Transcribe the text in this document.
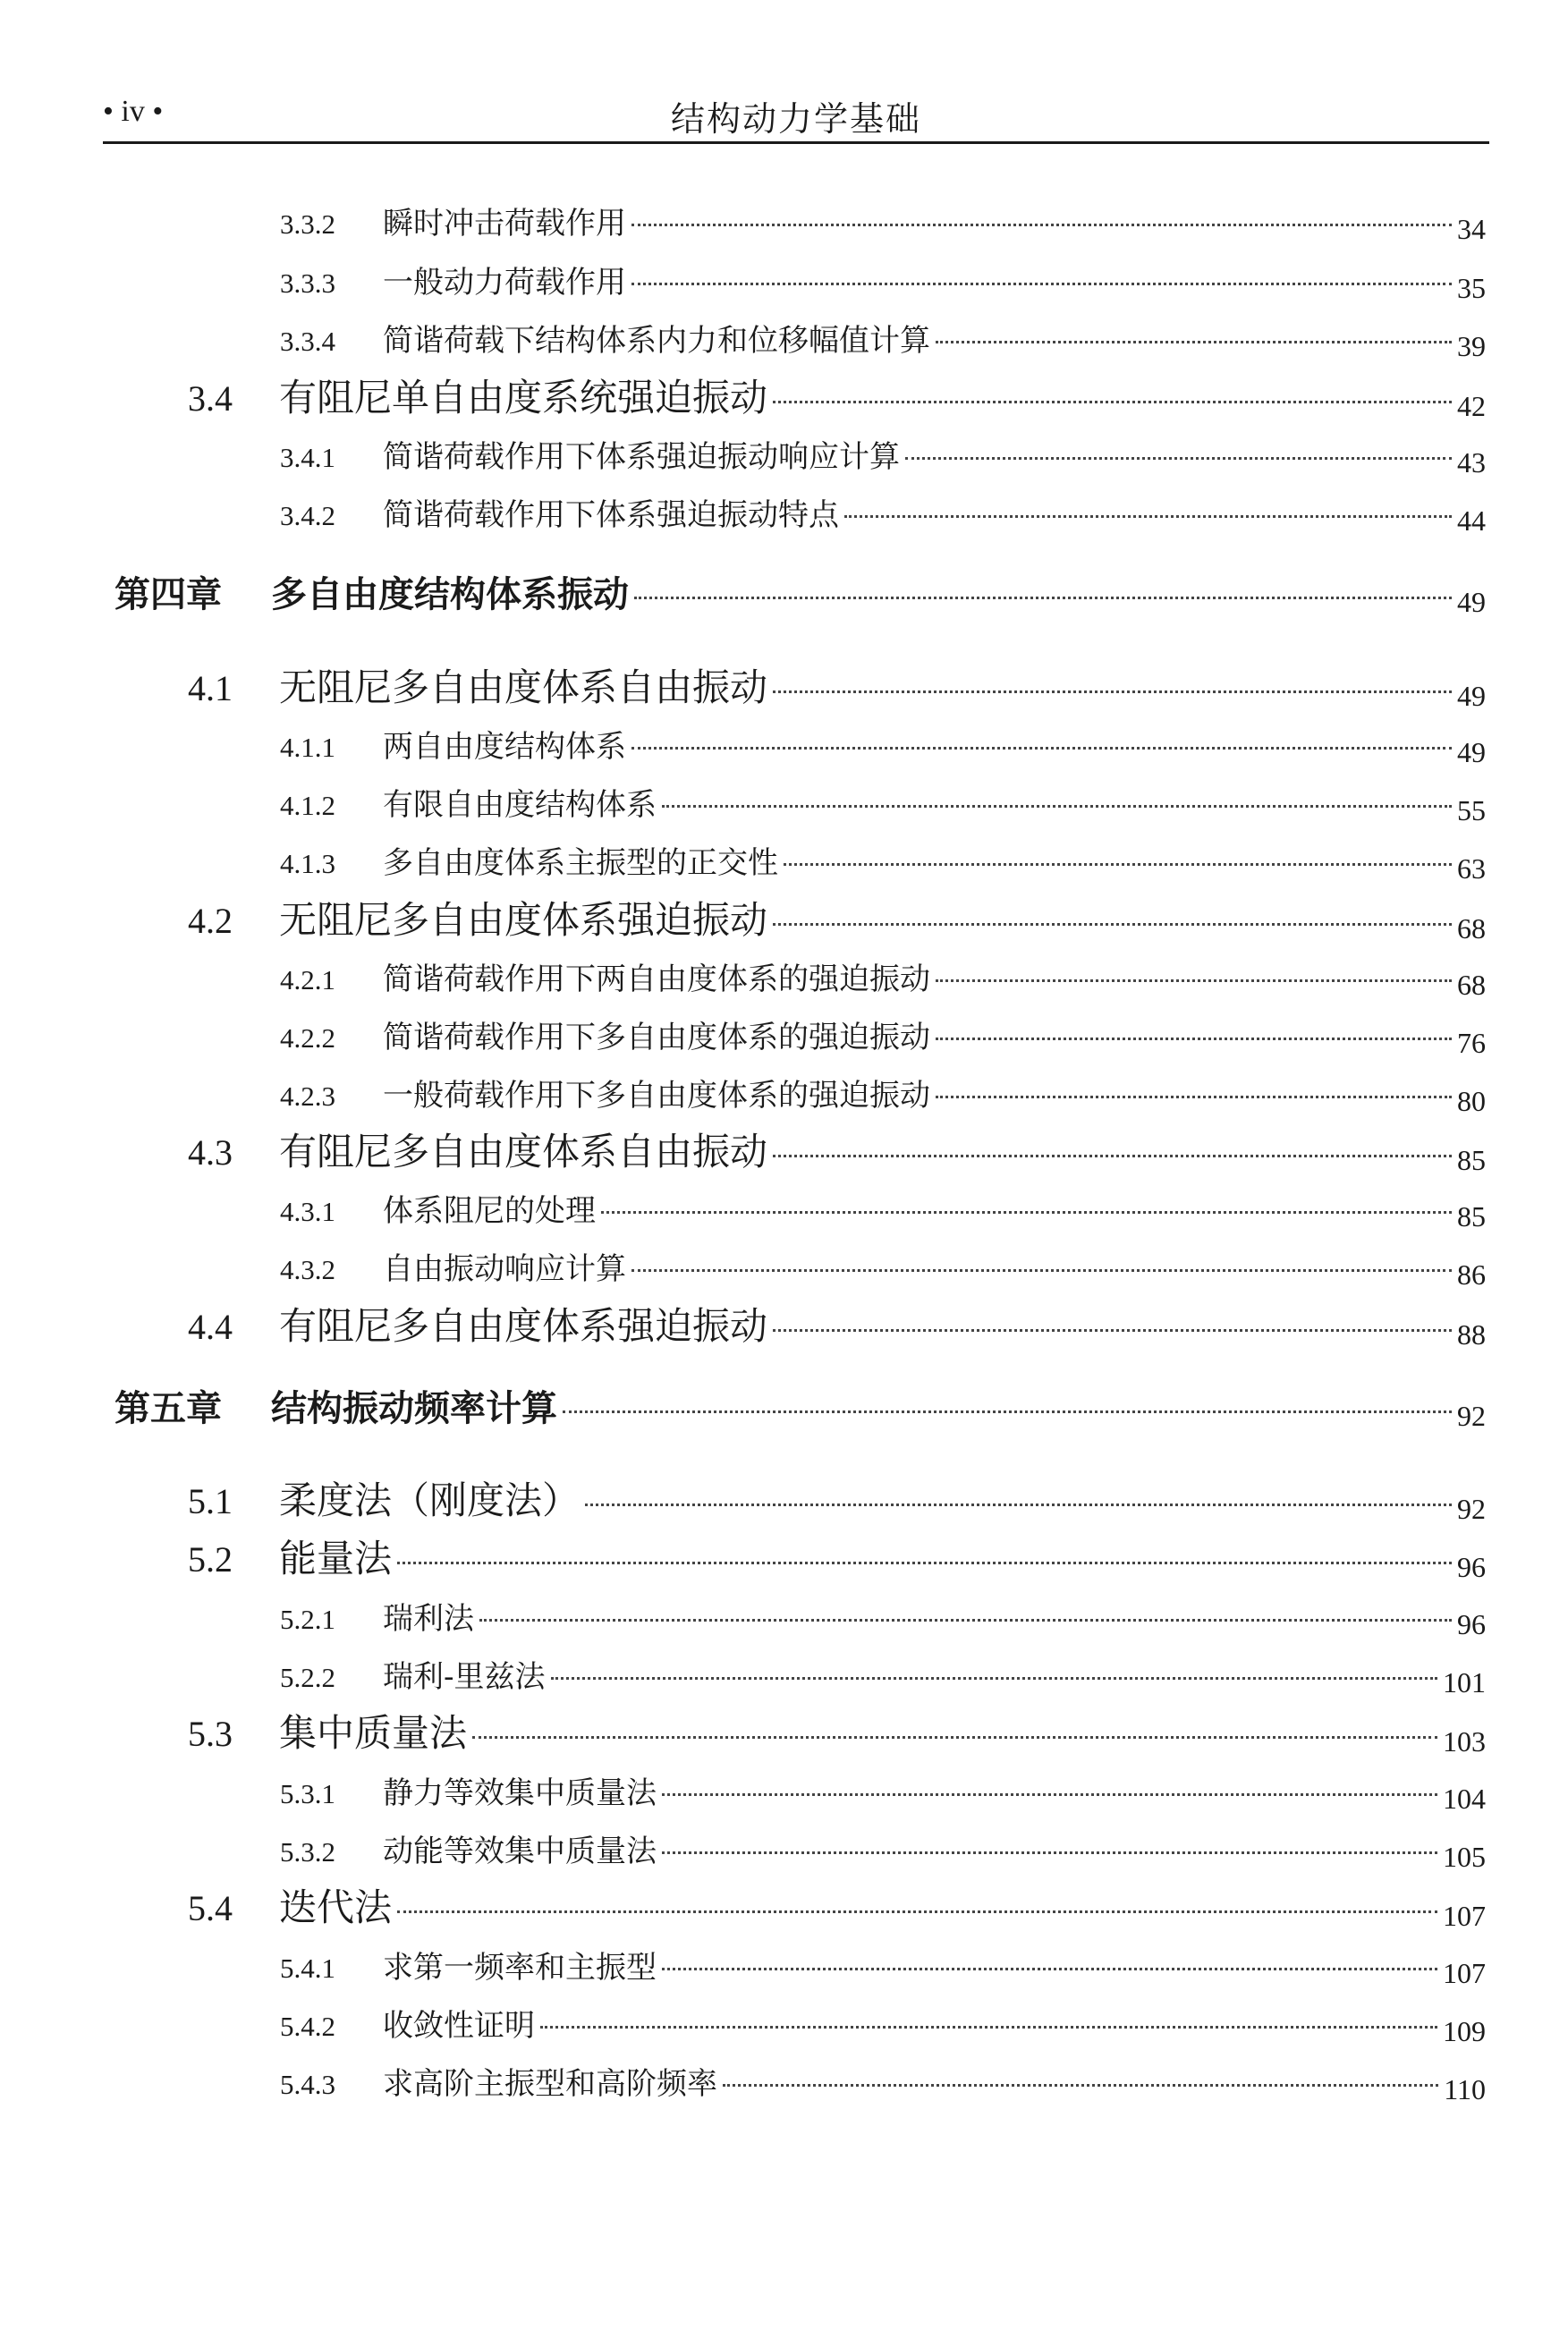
• iv •	结构动力学基础
3.3.2	瞬时冲击荷载作用	34
3.3.3	一般动力荷载作用	35
3.3.4	简谐荷载下结构体系内力和位移幅值计算	39
3.4	有阻尼单自由度系统强迫振动	42
3.4.1	简谐荷载作用下体系强迫振动响应计算	43
3.4.2	简谐荷载作用下体系强迫振动特点	44
第四章	多自由度结构体系振动	49
4.1	无阻尼多自由度体系自由振动	49
4.1.1	两自由度结构体系	49
4.1.2	有限自由度结构体系	55
4.1.3	多自由度体系主振型的正交性	63
4.2	无阻尼多自由度体系强迫振动	68
4.2.1	简谐荷载作用下两自由度体系的强迫振动	68
4.2.2	简谐荷载作用下多自由度体系的强迫振动	76
4.2.3	一般荷载作用下多自由度体系的强迫振动	80
4.3	有阻尼多自由度体系自由振动	85
4.3.1	体系阻尼的处理	85
4.3.2	自由振动响应计算	86
4.4	有阻尼多自由度体系强迫振动	88
第五章	结构振动频率计算	92
5.1	柔度法（刚度法）	92
5.2	能量法	96
5.2.1	瑞利法	96
5.2.2	瑞利-里兹法	101
5.3	集中质量法	103
5.3.1	静力等效集中质量法	104
5.3.2	动能等效集中质量法	105
5.4	迭代法	107
5.4.1	求第一频率和主振型	107
5.4.2	收敛性证明	109
5.4.3	求高阶主振型和高阶频率	110
